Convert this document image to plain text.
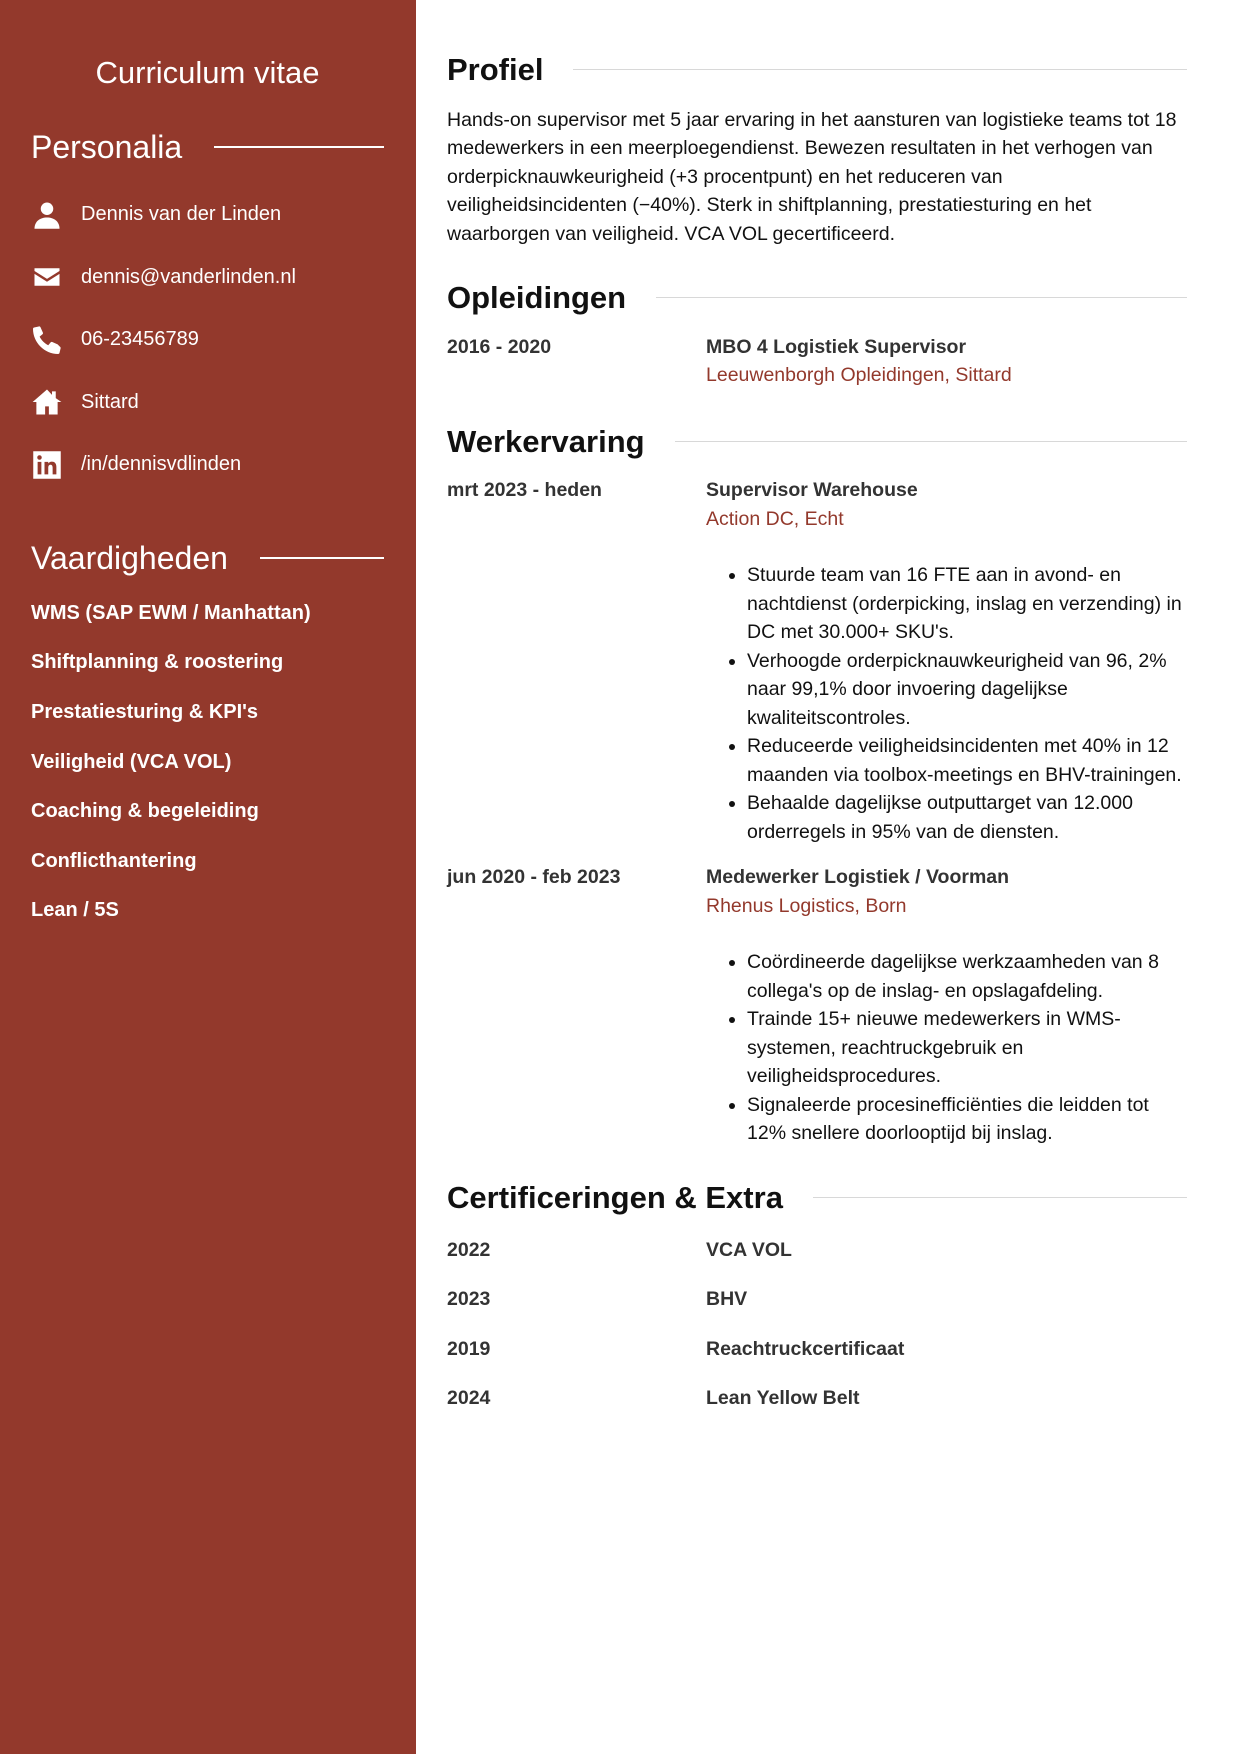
Curriculum vitae
Personalia
Dennis van der Linden
dennis@vanderlinden.nl
06-23456789
Sittard
/in/dennisvdlinden
Vaardigheden
WMS (SAP EWM / Manhattan)
Shiftplanning & roostering
Prestatiesturing & KPI's
Veiligheid (VCA VOL)
Coaching & begeleiding
Conflicthantering
Lean / 5S
Profiel

Hands-on supervisor met 5 jaar ervaring in het aansturen van logistieke teams tot 18 medewerkers in een meerploegendienst. Bewezen resultaten in het verhogen van orderpicknauwkeurigheid (+3 procentpunt) en het reduceren van veiligheidsincidenten (−40%). Sterk in shiftplanning, prestatiesturing en het waarborgen van veiligheid. VCA VOL gecertificeerd.

Opleidingen
2016 - 2020	MBO 4 Logistiek Supervisor
Leeuwenborgh Opleidingen, Sittard
Werkervaring
mrt 2023 - heden	Supervisor Warehouse
Action DC, Echt
• Stuurde team van 16 FTE aan in avond- en nachtdienst (orderpicking, inslag en verzending) in DC met 30.000+ SKU's.
• Verhoogde orderpicknauwkeurigheid van 96, 2% naar 99,1% door invoering dagelijkse kwaliteitscontroles.
• Reduceerde veiligheidsincidenten met 40% in 12 maanden via toolbox-meetings en BHV-trainingen.
• Behaalde dagelijkse outputtarget van 12.000 orderregels in 95% van de diensten.
jun 2020 - feb 2023	Medewerker Logistiek / Voorman
Rhenus Logistics, Born
• Coördineerde dagelijkse werkzaamheden van 8 collega's op de inslag- en opslagafdeling.
• Trainde 15+ nieuwe medewerkers in WMS-systemen, reachtruckgebruik en veiligheidsprocedures.
• Signaleerde procesinefficiënties die leidden tot 12% snellere doorlooptijd bij inslag.
Certificeringen & Extra
2022	VCA VOL
2023	BHV
2019	Reachtruckcertificaat
2024	Lean Yellow Belt
